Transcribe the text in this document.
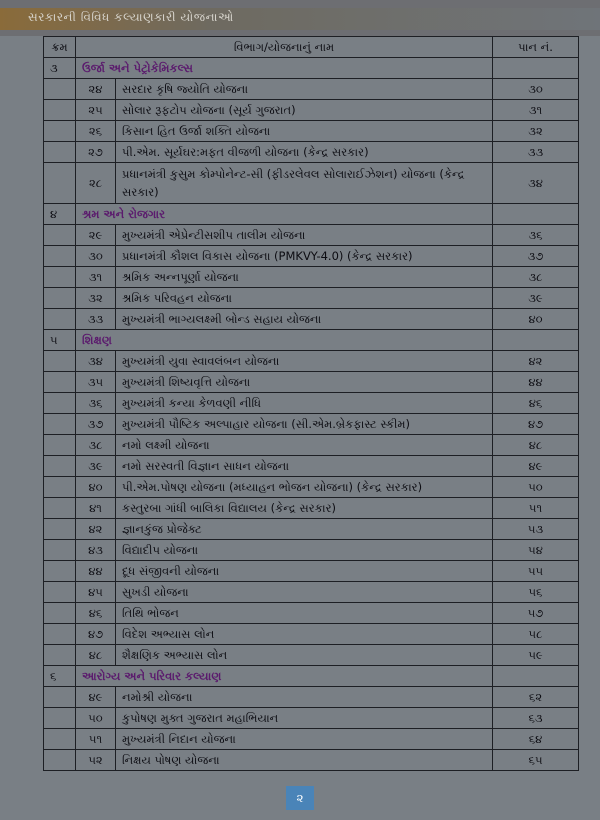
સરકારની વિવિધ કલ્યાણકારી યોજનાઓ
ક્રમ	વિભાગ/યોજનાનું નામ		પાન નં.
૩	ઉર્જા અને પેટ્રોકેમિકલ્સ		
	૨૪	સરદાર કૃષિ જ્યોતિ યોજના	૩૦
	૨૫	સોલાર રૂફટોપ યોજના (સૂર્ય ગુજરાત)	૩૧
	૨૬	કિસાન હિત ઉર્જા શક્તિ યોજના	૩૨
	૨૭	પી.એમ. સૂર્યઘર:મફત વીજળી યોજના (કેન્દ્ર સરકાર)	૩૩
	૨૮	પ્રધાનમંત્રી કુસુમ કોમ્પોનેન્ટ-સી (ફીડરલેવલ સોલારાઈઝેશન) યોજના (કેન્દ્ર સરકાર)	૩૪
૪	શ્રમ અને રોજગાર		
	૨૯	મુખ્યમંત્રી એપ્રેન્ટીસશીપ તાલીમ યોજના	૩૬
	૩૦	પ્રધાનમંત્રી કૌશલ વિકાસ યોજના (PMKVY-4.0) (કેન્દ્ર સરકાર)	૩૭
	૩૧	શ્રમિક અન્નપૂર્ણા યોજના	૩૮
	૩૨	શ્રમિક પરિવહન યોજના	૩૯
	૩૩	મુખ્યમંત્રી ભાગ્યલક્ષ્મી બોન્ડ સહાય યોજના	૪૦
૫	શિક્ષણ		
	૩૪	મુખ્યમંત્રી યુવા સ્વાવલંબન યોજના	૪૨
	૩૫	મુખ્યમંત્રી શિષ્યવૃત્તિ યોજના	૪૪
	૩૬	મુખ્યમંત્રી કન્યા કેળવણી નીધિ	૪૬
	૩૭	મુખ્યમંત્રી પૌષ્ટિક અલ્પાહાર યોજના (સી.એમ.બ્રેકફાસ્ટ સ્કીમ)	૪૭
	૩૮	નમો લક્ષ્મી યોજના	૪૮
	૩૯	નમો સરસ્વતી વિજ્ઞાન સાધન યોજના	૪૯
	૪૦	પી.એમ.પોષણ યોજના (મધ્યાહન ભોજન યોજના) (કેન્દ્ર સરકાર)	૫૦
	૪૧	કસ્તુરબા ગાંધી બાલિકા વિદ્યાલય (કેન્દ્ર સરકાર)	૫૧
	૪૨	જ્ઞાનકુંજ પ્રોજેક્ટ	૫૩
	૪૩	વિદ્યાદીપ યોજના	૫૪
	૪૪	દૂધ સંજીવની યોજના	૫૫
	૪૫	સુખડી યોજના	૫૬
	૪૬	તિથિ ભોજન	૫૭
	૪૭	વિદેશ અભ્યાસ લોન	૫૮
	૪૮	શૈક્ષણિક અભ્યાસ લોન	૫૯
૬	આરોગ્ય અને પરિવાર કલ્યાણ		
	૪૯	નમોશ્રી યોજના	૬૨
	૫૦	કુપોષણ મુક્ત ગુજરાત મહાભિયાન	૬૩
	૫૧	મુખ્યમંત્રી નિદાન યોજના	૬૪
	૫૨	નિક્ષય પોષણ યોજના	૬૫
૨
